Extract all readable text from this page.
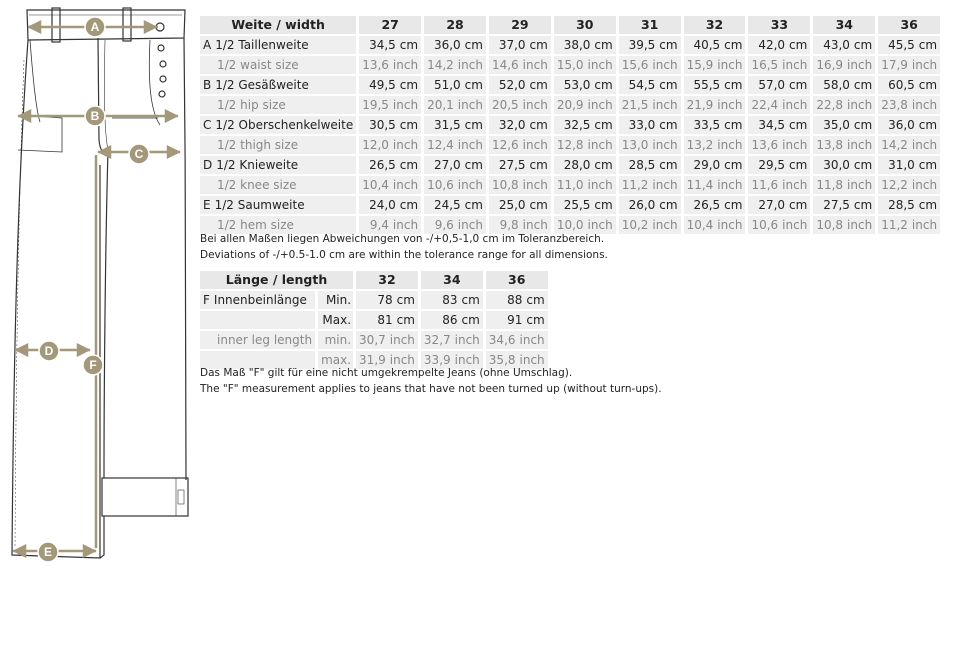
A
B
C
D
E
F
Weite / width	27	28	29	30	31	32	33	34	36
A 1/2 Taillenweite	34,5 cm	36,0 cm	37,0 cm	38,0 cm	39,5 cm	40,5 cm	42,0 cm	43,0 cm	45,5 cm
1/2 waist size	13,6 inch	14,2 inch	14,6 inch	15,0 inch	15,6 inch	15,9 inch	16,5 inch	16,9 inch	17,9 inch
B 1/2 Gesäßweite	49,5 cm	51,0 cm	52,0 cm	53,0 cm	54,5 cm	55,5 cm	57,0 cm	58,0 cm	60,5 cm
1/2 hip size	19,5 inch	20,1 inch	20,5 inch	20,9 inch	21,5 inch	21,9 inch	22,4 inch	22,8 inch	23,8 inch
C 1/2 Oberschenkelweite	30,5 cm	31,5 cm	32,0 cm	32,5 cm	33,0 cm	33,5 cm	34,5 cm	35,0 cm	36,0 cm
1/2 thigh size	12,0 inch	12,4 inch	12,6 inch	12,8 inch	13,0 inch	13,2 inch	13,6 inch	13,8 inch	14,2 inch
D 1/2 Knieweite	26,5 cm	27,0 cm	27,5 cm	28,0 cm	28,5 cm	29,0 cm	29,5 cm	30,0 cm	31,0 cm
1/2 knee size	10,4 inch	10,6 inch	10,8 inch	11,0 inch	11,2 inch	11,4 inch	11,6 inch	11,8 inch	12,2 inch
E 1/2 Saumweite	24,0 cm	24,5 cm	25,0 cm	25,5 cm	26,0 cm	26,5 cm	27,0 cm	27,5 cm	28,5 cm
1/2 hem size	9,4 inch	9,6 inch	9,8 inch	10,0 inch	10,2 inch	10,4 inch	10,6 inch	10,8 inch	11,2 inch

Bei allen Maßen liegen Abweichungen von -/+0,5-1,0 cm im Toleranzbereich.

Deviations of -/+0.5-1.0 cm are within the tolerance range for all dimensions.

Länge / length		32	34	36
F Innenbeinlänge	Min.	78 cm	83 cm	88 cm
	Max.	81 cm	86 cm	91 cm
inner leg length	min.	30,7 inch	32,7 inch	34,6 inch
	max.	31,9 inch	33,9 inch	35,8 inch

Das Maß "F" gilt für eine nicht umgekrempelte Jeans (ohne Umschlag).

The "F" measurement applies to jeans that have not been turned up (without turn-ups).
